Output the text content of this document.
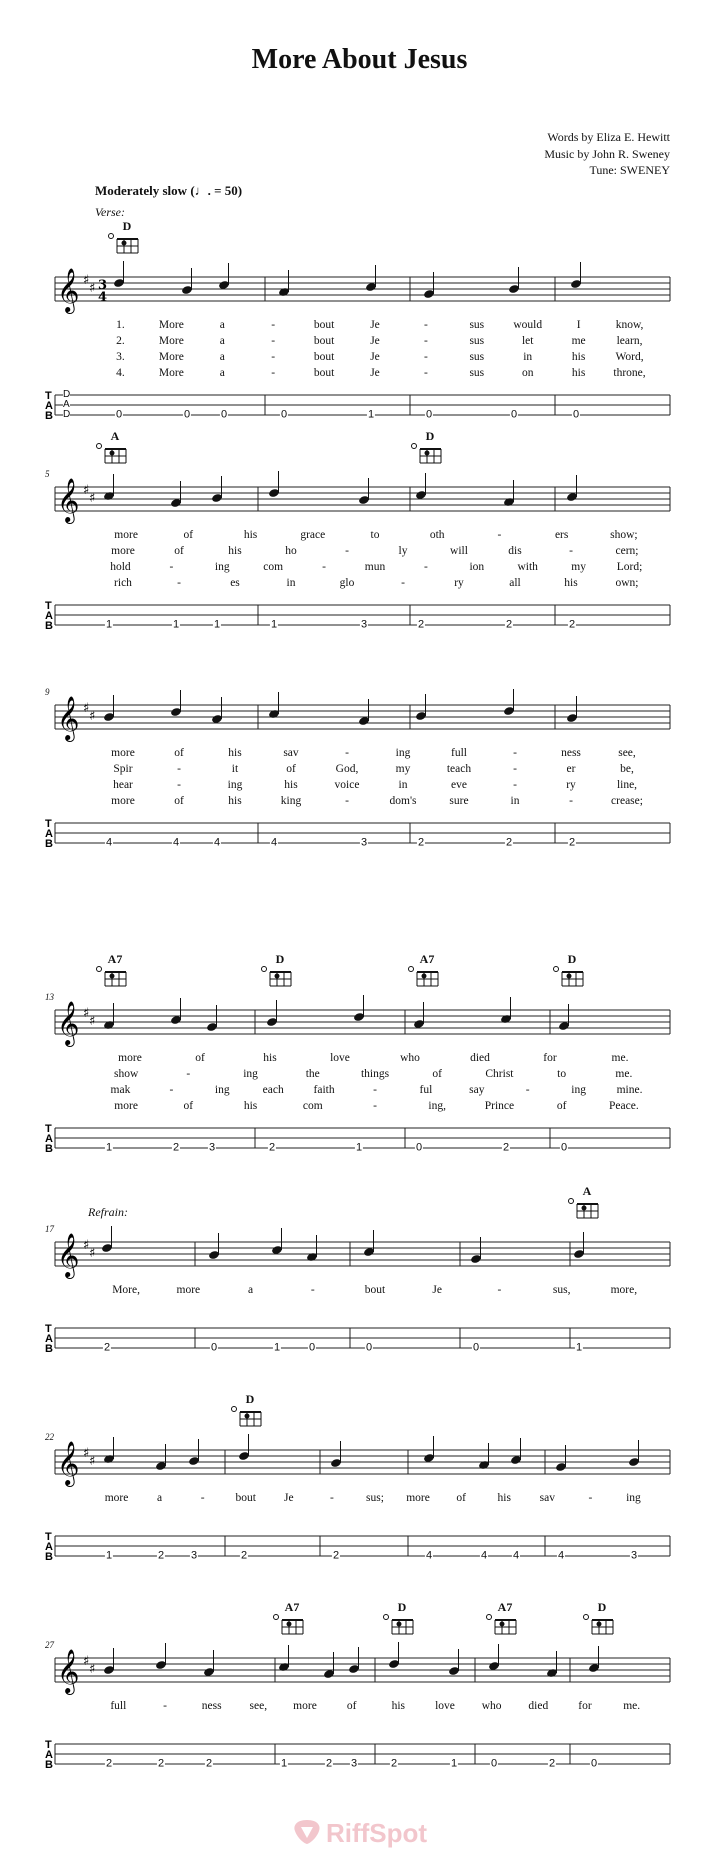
More About Jesus
Words by Eliza E. Hewitt
Music by John R. Sweney
Tune: SWENEY
Moderately slow (♩. = 50)
Verse:
Refrain:
𝄞 ♯
♯ 3
4
T
A
B
D
1.	More	a	-	bout	Je	-	sus	would	I	know,
2.	More	a	-	bout	Je	-	sus	let	me	learn,
3.	More	a	-	bout	Je	-	sus	in	his	Word,
4.	More	a	-	bout	Je	-	sus	on	his throne,
D
A
D	0	0	0	0	1	0	0	0
𝄞 ♯
♯
T
A
B
5
A	D
more	of	his	grace	to	oth	-	ers	show;
more	of	his	ho	-	ly	will	dis	-	cern;
hold	-	ing	com	-	mun	-	ion	with	my	Lord;
rich	-	es	in	glo	-	ry	all	his	own;
1	1	1	1	3	2	2	2
𝄞 ♯
♯
T
A
B
9
more	of	his	sav	-	ing	full	-	ness	see,
Spir	-	it	of	God,	my	teach	-	er	be,
hear	-	ing	his	voice	in	eve	-	ry	line,
more	of	his	king	-	dom's	sure	in	-	crease;
4	4	4	4	3	2	2	2
𝄞 ♯
♯
T
A
B
13
A7	D	A7	D
more	of	his	love	who	died	for	me.
show	-	ing	the	things	of	Christ	to	me.
mak	-	ing	each	faith	-	ful	say	-	ing	mine.
more	of	his	com	-	ing,	Prince	of	Peace.
1	2	3	2	1	0	2	0
𝄞 ♯
♯
T
A
B
17
A
More,	more	a	-	bout	Je	-	sus,	more,
2	0	1	0	0	0	1
𝄞 ♯
♯
T
A
B
22
D
more a	-	bout Je	-	sus; more of	his sav	-	ing
1	2 3	2	2	4	4 4	4	3
𝄞 ♯
♯
T
A
B
27
A7	D	A7	D
full	-	ness see, more	of	his	love who died	for	me.
2	2	2	1	2 3	2	1	0	2	0
RiffSpot
